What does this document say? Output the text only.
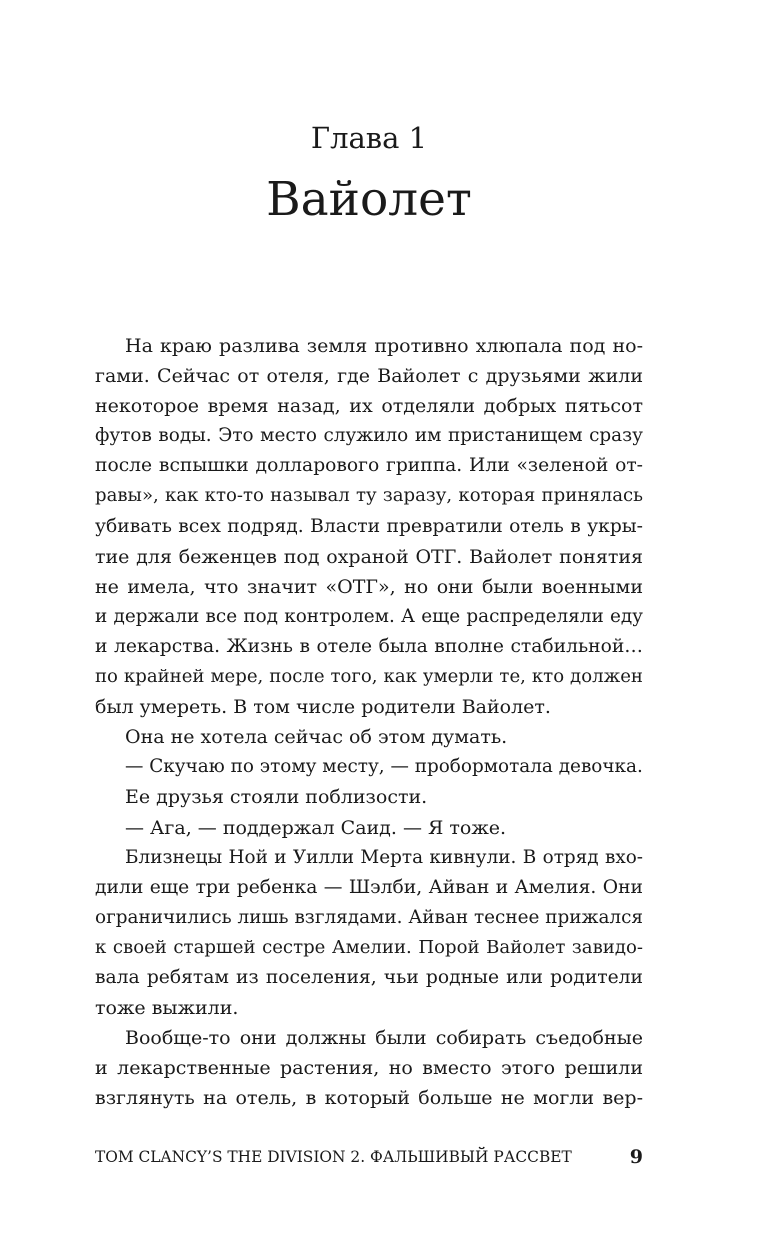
Глава 1
Вайолет
На краю разлива земля противно хлюпала под но-
гами. Сейчас от отеля, где Вайолет с друзьями жили
некоторое время назад, их отделяли добрых пятьсот
футов воды. Это место служило им пристанищем сразу
после вспышки долларового гриппа. Или «зеленой от-
равы», как кто-то называл ту заразу, которая принялась
убивать всех подряд. Власти превратили отель в укры-
тие для беженцев под охраной ОТГ. Вайолет понятия
не имела, что значит «ОТГ», но они были военными
и держали все под контролем. А еще распределяли еду
и лекарства. Жизнь в отеле была вполне стабильной…
по крайней мере, после того, как умерли те, кто должен
был умереть. В том числе родители Вайолет.
Она не хотела сейчас об этом думать.
— Скучаю по этому месту, — пробормотала девочка.
Ее друзья стояли поблизости.
— Ага, — поддержал Саид. — Я тоже.
Близнецы Ной и Уилли Мерта кивнули. В отряд вхо-
дили еще три ребенка — Шэлби, Айван и Амелия. Они
ограничились лишь взглядами. Айван теснее прижался
к своей старшей сестре Амелии. Порой Вайолет завидо-
вала ребятам из поселения, чьи родные или родители
тоже выжили.
Вообще-то они должны были собирать съедобные
и лекарственные растения, но вместо этого решили
взглянуть на отель, в который больше не могли вер-
TOM CLANCY’S THE DIVISION 2. ФАЛЬШИВЫЙ РАССВЕТ	9
